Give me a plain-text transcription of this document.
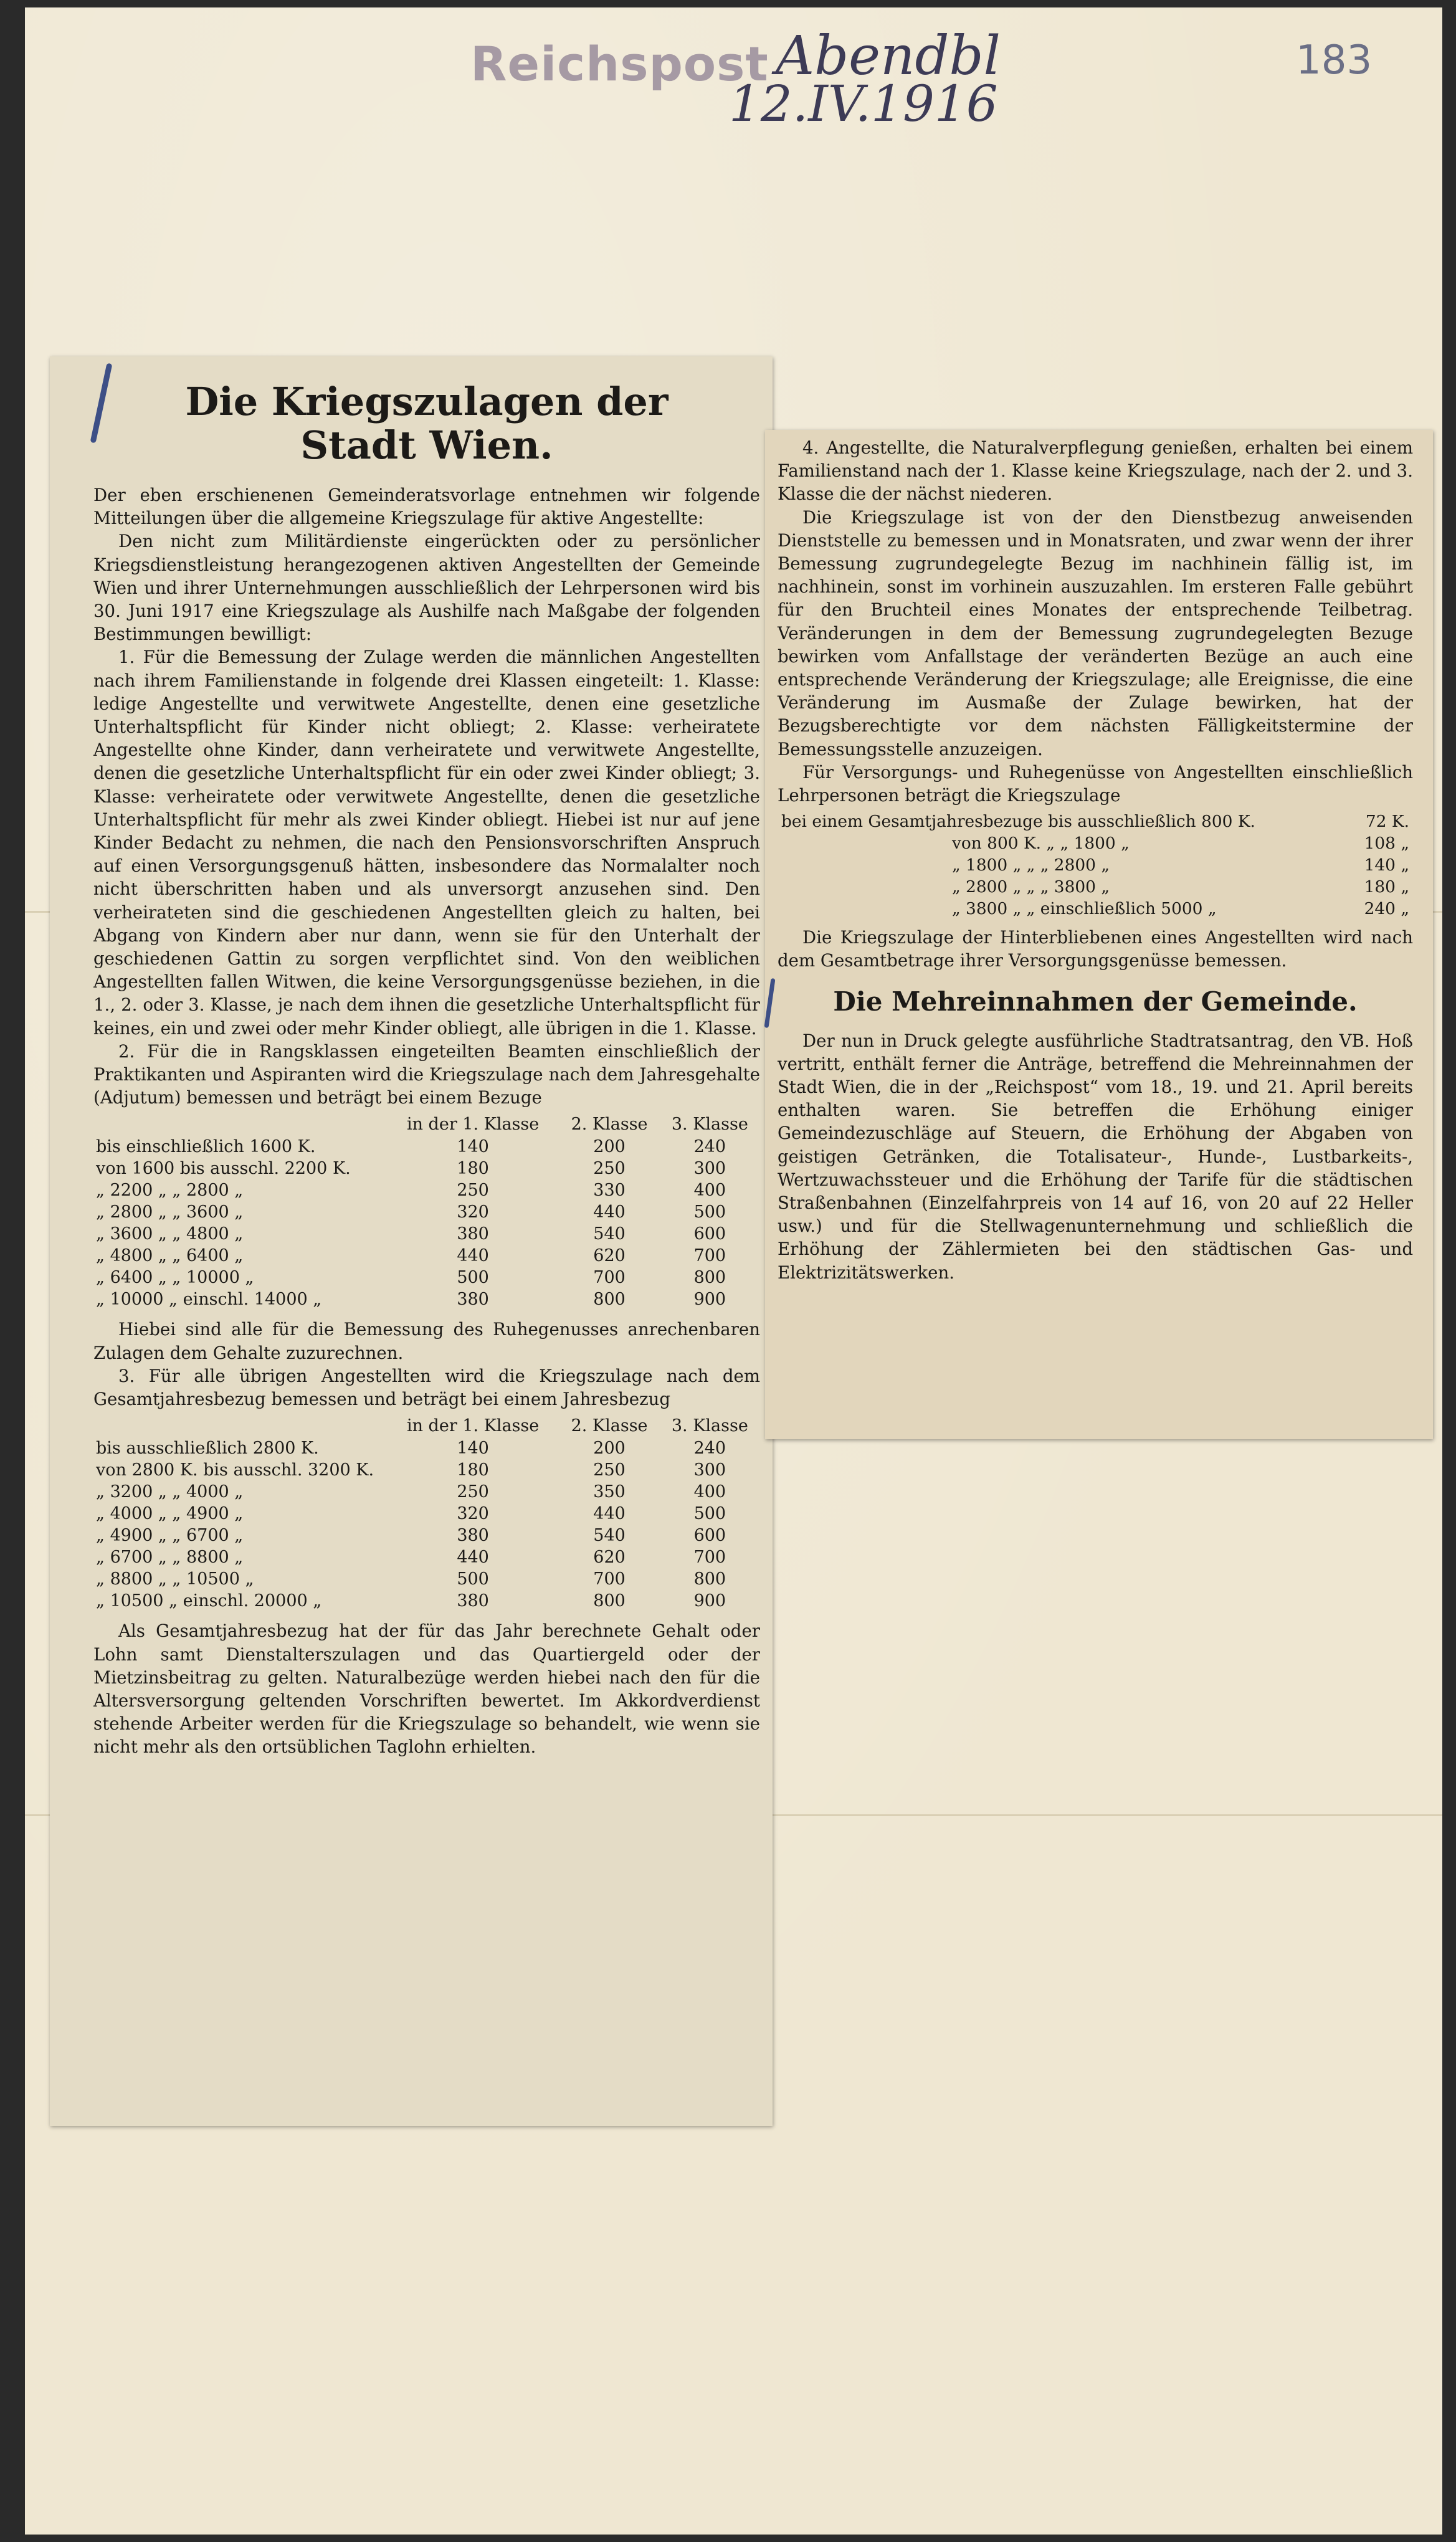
Reichspost Abendbl
12.IV.1916
183
Die Kriegszulagen der
Stadt Wien.

Der eben erschienenen Gemeinderatsvorlage entnehmen wir folgende Mitteilungen über die allgemeine Kriegszulage für aktive Angestellte:

Den nicht zum Militärdienste eingerückten oder zu persönlicher Kriegsdienstleistung herangezogenen aktiven Angestellten der Gemeinde Wien und ihrer Unternehmungen ausschließlich der Lehrpersonen wird bis 30. Juni 1917 eine Kriegszulage als Aushilfe nach Maßgabe der folgenden Bestimmungen bewilligt:

1. Für die Bemessung der Zulage werden die männlichen Angestellten nach ihrem Familienstande in folgende drei Klassen eingeteilt: 1. Klasse: ledige Angestellte und verwitwete Angestellte, denen eine gesetzliche Unterhaltspflicht für Kinder nicht obliegt; 2. Klasse: verheiratete Angestellte ohne Kinder, dann verheiratete und verwitwete Angestellte, denen die gesetzliche Unterhaltspflicht für ein oder zwei Kinder obliegt; 3. Klasse: verheiratete oder verwitwete Angestellte, denen die gesetzliche Unterhaltspflicht für mehr als zwei Kinder obliegt. Hiebei ist nur auf jene Kinder Bedacht zu nehmen, die nach den Pensionsvorschriften Anspruch auf einen Versorgungsgenuß hätten, insbesondere das Normalalter noch nicht überschritten haben und als unversorgt anzusehen sind. Den verheirateten sind die geschiedenen Angestellten gleich zu halten, bei Abgang von Kindern aber nur dann, wenn sie für den Unterhalt der geschiedenen Gattin zu sorgen verpflichtet sind. Von den weiblichen Angestellten fallen Witwen, die keine Versorgungsgenüsse beziehen, in die 1., 2. oder 3. Klasse, je nach dem ihnen die gesetzliche Unterhaltspflicht für keines, ein und zwei oder mehr Kinder obliegt, alle übrigen in die 1. Klasse.

2. Für die in Rangsklassen eingeteilten Beamten einschließlich der Praktikanten und Aspiranten wird die Kriegszulage nach dem Jahresgehalte (Adjutum) bemessen und beträgt bei einem Bezuge

	in der 1. Klasse	2. Klasse	3. Klasse
bis einschließlich 1600 K.	140	200	240
von 1600 bis ausschl. 2200 K.	180	250	300
„ 2200 „ „ 2800 „	250	330	400
„ 2800 „ „ 3600 „	320	440	500
„ 3600 „ „ 4800 „	380	540	600
„ 4800 „ „ 6400 „	440	620	700
„ 6400 „ „ 10000 „	500	700	800
„ 10000 „ einschl. 14000 „	380	800	900

Hiebei sind alle für die Bemessung des Ruhegenusses anrechenbaren Zulagen dem Gehalte zuzurechnen.

3. Für alle übrigen Angestellten wird die Kriegszulage nach dem Gesamtjahresbezug bemessen und beträgt bei einem Jahresbezug

	in der 1. Klasse	2. Klasse	3. Klasse
bis ausschließlich 2800 K.	140	200	240
von 2800 K. bis ausschl. 3200 K.	180	250	300
„ 3200 „ „ 4000 „	250	350	400
„ 4000 „ „ 4900 „	320	440	500
„ 4900 „ „ 6700 „	380	540	600
„ 6700 „ „ 8800 „	440	620	700
„ 8800 „ „ 10500 „	500	700	800
„ 10500 „ einschl. 20000 „	380	800	900

Als Gesamtjahresbezug hat der für das Jahr berechnete Gehalt oder Lohn samt Dienstalterszulagen und das Quartiergeld oder der Mietzinsbeitrag zu gelten. Naturalbezüge werden hiebei nach den für die Altersversorgung geltenden Vorschriften bewertet. Im Akkordverdienst stehende Arbeiter werden für die Kriegszulage so behandelt, wie wenn sie nicht mehr als den ortsüblichen Taglohn erhielten.

4. Angestellte, die Naturalverpflegung genießen, erhalten bei einem Familienstand nach der 1. Klasse keine Kriegszulage, nach der 2. und 3. Klasse die der nächst niederen.

Die Kriegszulage ist von der den Dienstbezug anweisenden Dienststelle zu bemessen und in Monatsraten, und zwar wenn der ihrer Bemessung zugrundegelegte Bezug im nachhinein fällig ist, im nachhinein, sonst im vorhinein auszuzahlen. Im ersteren Falle gebührt für den Bruchteil eines Monates der entsprechende Teilbetrag. Veränderungen in dem der Bemessung zugrundegelegten Bezuge bewirken vom Anfallstage der veränderten Bezüge an auch eine entsprechende Veränderung der Kriegszulage; alle Ereignisse, die eine Veränderung im Ausmaße der Zulage bewirken, hat der Bezugsberechtigte vor dem nächsten Fälligkeitstermine der Bemessungsstelle anzuzeigen.

Für Versorgungs- und Ruhegenüsse von Angestellten einschließlich Lehrpersonen beträgt die Kriegszulage

bei einem Gesamtjahresbezuge bis ausschließlich 800 K.	72 K.
von 800 K. „ „ 1800 „	108 „
„ 1800 „ „ „ 2800 „	140 „
„ 2800 „ „ „ 3800 „	180 „
„ 3800 „ „ einschließlich 5000 „	240 „

Die Kriegszulage der Hinterbliebenen eines Angestellten wird nach dem Gesamtbetrage ihrer Versorgungsgenüsse bemessen.

Die Mehreinnahmen der Gemeinde.

Der nun in Druck gelegte ausführliche Stadtratsantrag, den VB. Hoß vertritt, enthält ferner die Anträge, betreffend die Mehreinnahmen der Stadt Wien, die in der „Reichspost“ vom 18., 19. und 21. April bereits enthalten waren. Sie betreffen die Erhöhung einiger Gemeindezuschläge auf Steuern, die Erhöhung der Abgaben von geistigen Getränken, die Totalisateur-, Hunde-, Lustbarkeits-, Wertzuwachssteuer und die Erhöhung der Tarife für die städtischen Straßenbahnen (Einzelfahrpreis von 14 auf 16, von 20 auf 22 Heller usw.) und für die Stellwagenunternehmung und schließlich die Erhöhung der Zählermieten bei den städtischen Gas- und Elektrizitätswerken.
